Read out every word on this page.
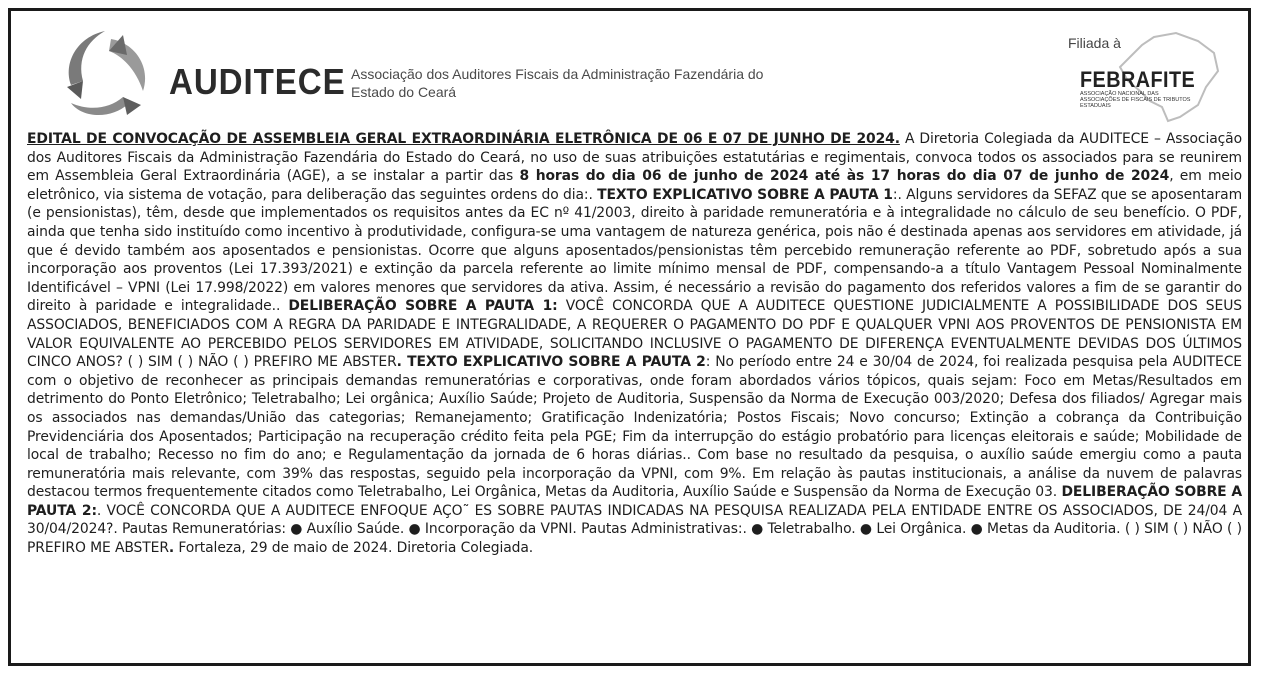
AUDITECE Associação dos Auditores Fiscais da Administração Fazendária do
Estado do Ceará
Filiada à
FEBRAFITE
ASSOCIAÇÃO NACIONAL DAS ASSOCIAÇÕES DE FISCAIS DE TRIBUTOS ESTADUAIS
EDITAL DE CONVOCAÇÃO DE ASSEMBLEIA GERAL EXTRAORDINÁRIA ELETRÔNICA DE 06 E 07 DE JUNHO DE 2024. A Diretoria Colegiada da AUDITECE – Associação dos Auditores Fiscais da Administração Fazendária do Estado do Ceará, no uso de suas atribuições estatutárias e regimentais, convoca todos os associados para se reunirem em Assembleia Geral Extraordinária (AGE), a se instalar a partir das 8 horas do dia 06 de junho de 2024 até às 17 horas do dia 07 de junho de 2024, em meio eletrônico, via sistema de votação, para deliberação das seguintes ordens do dia:. TEXTO EXPLICATIVO SOBRE A PAUTA 1:. Alguns servidores da SEFAZ que se aposentaram (e pensionistas), têm, desde que implementados os requisitos antes da EC nº 41/2003, direito à paridade remuneratória e à integralidade no cálculo de seu benefício. O PDF, ainda que tenha sido instituído como incentivo à produtividade, configura-se uma vantagem de natureza genérica, pois não é destinada apenas aos servidores em atividade, já que é devido também aos aposentados e pensionistas. Ocorre que alguns aposentados/pensionistas têm percebido remuneração referente ao PDF, sobretudo após a sua incorporação aos proventos (Lei 17.393/2021) e extinção da parcela referente ao limite mínimo mensal de PDF, compensando-a a título Vantagem Pessoal Nominalmente Identificável – VPNI (Lei 17.998/2022) em valores menores que servidores da ativa. Assim, é necessário a revisão do pagamento dos referidos valores a fim de se garantir do direito à paridade e integralidade.. DELIBERAÇÃO SOBRE A PAUTA 1: VOCÊ CONCORDA QUE A AUDITECE QUESTIONE JUDICIALMENTE A POSSIBILIDADE DOS SEUS ASSOCIADOS, BENEFICIADOS COM A REGRA DA PARIDADE E INTEGRALIDADE, A REQUERER O PAGAMENTO DO PDF E QUALQUER VPNI AOS PROVENTOS DE PENSIONISTA EM VALOR EQUIVALENTE AO PERCEBIDO PELOS SERVIDORES EM ATIVIDADE, SOLICITANDO INCLUSIVE O PAGAMENTO DE DIFERENÇA EVENTUALMENTE DEVIDAS DOS ÚLTIMOS CINCO ANOS? ( ) SIM ( ) NÃO ( ) PREFIRO ME ABSTER. TEXTO EXPLICATIVO SOBRE A PAUTA 2: No período entre 24 e 30/04 de 2024, foi realizada pesquisa pela AUDITECE com o objetivo de reconhecer as principais demandas remuneratórias e corporativas, onde foram abordados vários tópicos, quais sejam: Foco em Metas/Resultados em detrimento do Ponto Eletrônico; Teletrabalho; Lei orgânica; Auxílio Saúde; Projeto de Auditoria, Suspensão da Norma de Execução 003/2020; Defesa dos filiados/ Agregar mais os associados nas demandas/União das categorias; Remanejamento; Gratificação Indenizatória; Postos Fiscais; Novo concurso; Extinção a cobrança da Contribuição Previdenciária dos Aposentados; Participação na recuperação crédito feita pela PGE; Fim da interrupção do estágio probatório para licenças eleitorais e saúde; Mobilidade de local de trabalho; Recesso no fim do ano; e Regulamentação da jornada de 6 horas diárias.. Com base no resultado da pesquisa, o auxílio saúde emergiu como a pauta remuneratória mais relevante, com 39% das respostas, seguido pela incorporação da VPNI, com 9%. Em relação às pautas institucionais, a análise da nuvem de palavras destacou termos frequentemente citados como Teletrabalho, Lei Orgânica, Metas da Auditoria, Auxílio Saúde e Suspensão da Norma de Execução 03. DELIBERAÇÃO SOBRE A PAUTA 2:. VOCÊ CONCORDA QUE A AUDITECE ENFOQUE AÇO˜ ES SOBRE PAUTAS INDICADAS NA PESQUISA REALIZADA PELA ENTIDADE ENTRE OS ASSOCIADOS, DE 24/04 A 30/04/2024?. Pautas Remuneratórias: ● Auxílio Saúde. ● Incorporação da VPNI. Pautas Administrativas:. ● Teletrabalho. ● Lei Orgânica. ● Metas da Auditoria. ( ) SIM ( ) NÃO ( ) PREFIRO ME ABSTER. Fortaleza, 29 de maio de 2024. Diretoria Colegiada.
